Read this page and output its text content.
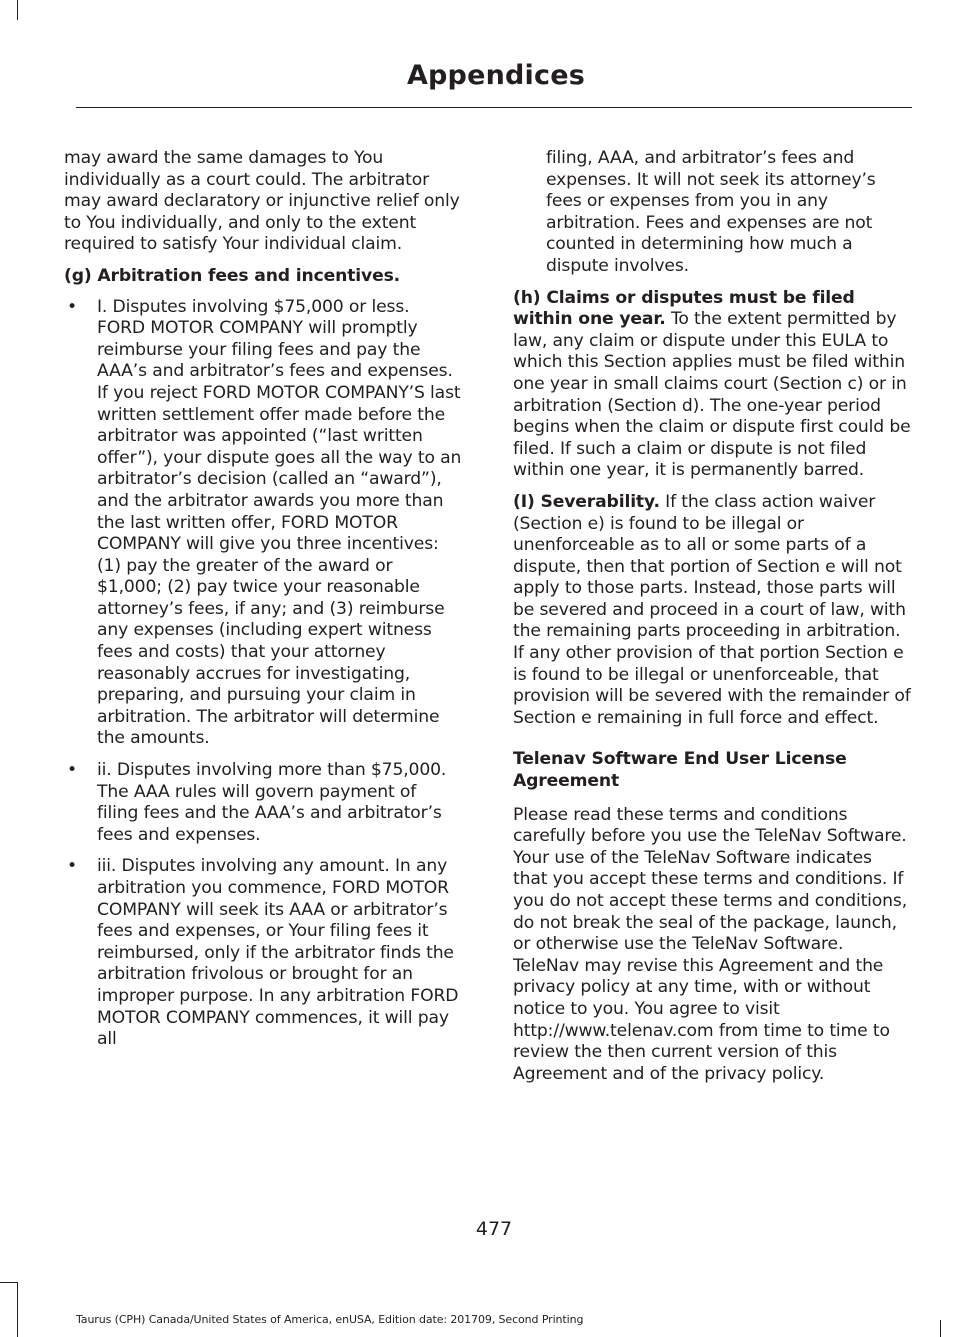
Appendices

may award the same damages to You individually as a court could. The arbitrator may award declaratory or injunctive relief only to You individually, and only to the extent required to satisfy Your individual claim.

(g) Arbitration fees and incentives.

• I. Disputes involving $75,000 or less. FORD MOTOR COMPANY will promptly reimburse your filing fees and pay the AAA’s and arbitrator’s fees and expenses. If you reject FORD MOTOR COMPANY’S last written settlement offer made before the arbitrator was appointed (“last written offer”), your dispute goes all the way to an arbitrator’s decision (called an “award”), and the arbitrator awards you more than the last written offer, FORD MOTOR COMPANY will give you three incentives: (1) pay the greater of the award or $1,000; (2) pay twice your reasonable attorney’s fees, if any; and (3) reimburse any expenses (including expert witness fees and costs) that your attorney reasonably accrues for investigating, preparing, and pursuing your claim in arbitration. The arbitrator will determine the amounts.
• ii. Disputes involving more than $75,000. The AAA rules will govern payment of filing fees and the AAA’s and arbitrator’s fees and expenses.
• iii. Disputes involving any amount. In any arbitration you commence, FORD MOTOR COMPANY will seek its AAA or arbitrator’s fees and expenses, or Your filing fees it reimbursed, only if the arbitrator finds the arbitration frivolous or brought for an improper purpose. In any arbitration FORD MOTOR COMPANY commences, it will pay all

filing, AAA, and arbitrator’s fees and expenses. It will not seek its attorney’s fees or expenses from you in any arbitration. Fees and expenses are not counted in determining how much a dispute involves.

(h) Claims or disputes must be filed within one year. To the extent permitted by law, any claim or dispute under this EULA to which this Section applies must be filed within one year in small claims court (Section c) or in arbitration (Section d). The one-year period begins when the claim or dispute first could be filed. If such a claim or dispute is not filed within one year, it is permanently barred.

(I) Severability. If the class action waiver (Section e) is found to be illegal or unenforceable as to all or some parts of a dispute, then that portion of Section e will not apply to those parts. Instead, those parts will be severed and proceed in a court of law, with the remaining parts proceeding in arbitration. If any other provision of that portion Section e is found to be illegal or unenforceable, that provision will be severed with the remainder of Section e remaining in full force and effect.

Telenav Software End User License Agreement

Please read these terms and conditions carefully before you use the TeleNav Software. Your use of the TeleNav Software indicates that you accept these terms and conditions. If you do not accept these terms and conditions, do not break the seal of the package, launch, or otherwise use the TeleNav Software. TeleNav may revise this Agreement and the privacy policy at any time, with or without notice to you. You agree to visit http://www.telenav.com from time to time to review the then current version of this Agreement and of the privacy policy.

477
Taurus (CPH) Canada/United States of America, enUSA, Edition date: 201709, Second Printing
